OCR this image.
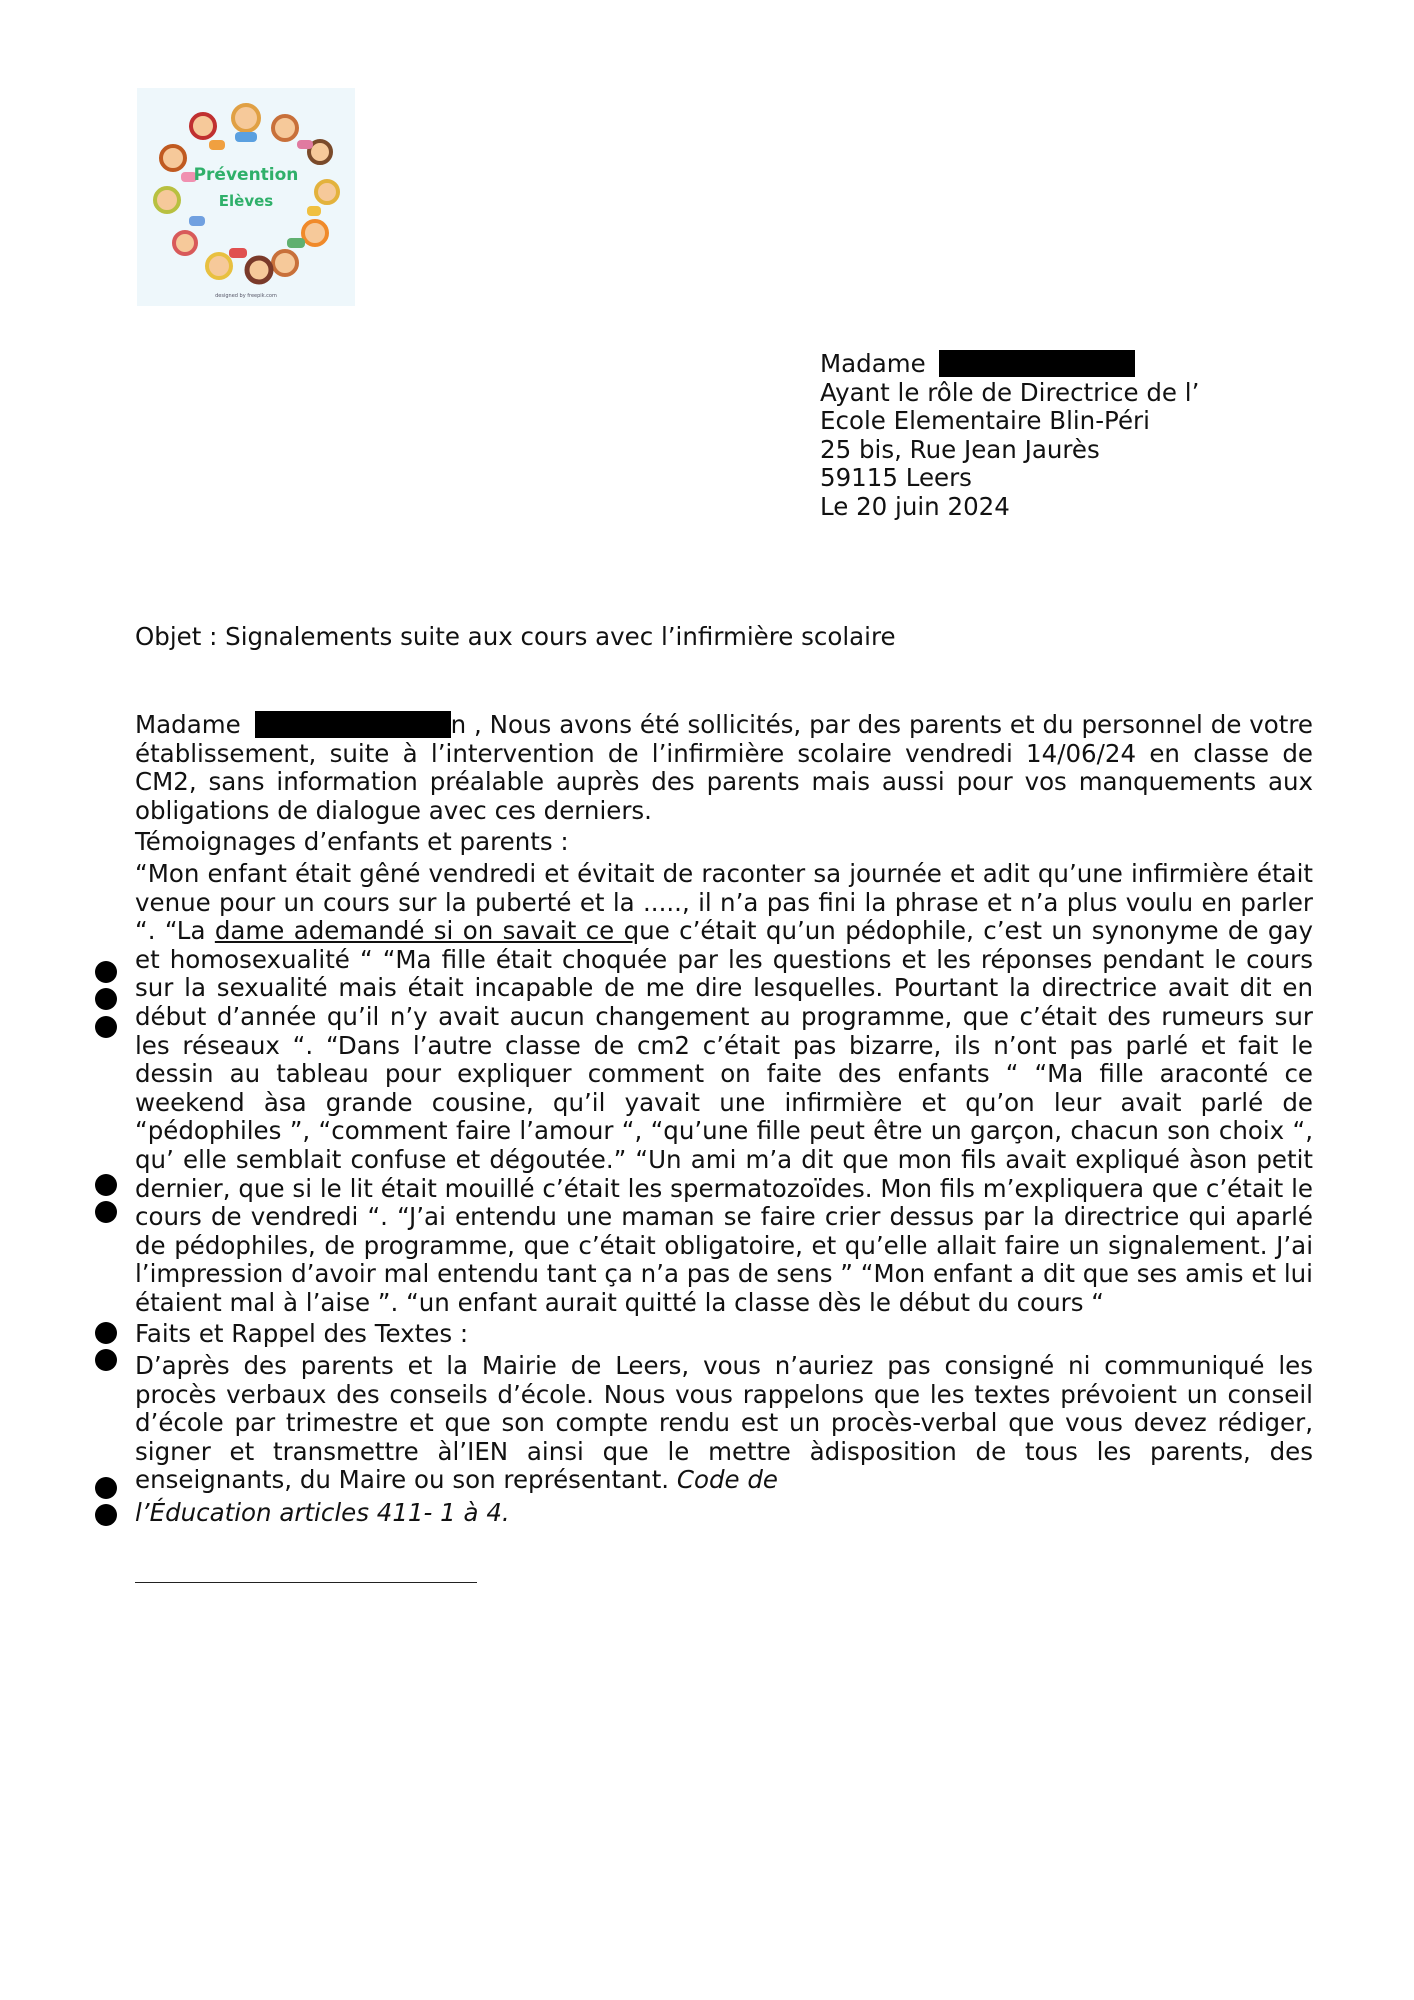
Prévention
Elèves
designed by freepik.com
Madame
Ayant le rôle de Directrice de l’
Ecole Elementaire Blin-Péri
25 bis, Rue Jean Jaurès
59115 Leers
Le 20 juin 2024
Objet : Signalements suite aux cours avec l’infirmière scolaire

Madame	n , Nous avons été sollicités, par des parents et du personnel de votre établissement, suite à l’intervention de l’infirmière scolaire vendredi 14/06/24 en classe de CM2, sans information préalable auprès des parents mais aussi pour vos manquements aux obligations de dialogue avec ces derniers.

Témoignages d’enfants et parents :

“Mon enfant était gêné vendredi et évitait de raconter sa journée et adit qu’une infirmière était venue pour un cours sur la puberté et la ....., il n’a pas fini la phrase et n’a plus voulu en parler “. “La dame ademandé si on savait ce que c’était qu’un pédophile, c’est un synonyme de gay et homosexualité “ “Ma fille était choquée par les questions et les réponses pendant le cours sur la sexualité mais était incapable de me dire lesquelles. Pourtant la directrice avait dit en début d’année qu’il n’y avait aucun changement au programme, que c’était des rumeurs sur les réseaux “. “Dans l’autre classe de cm2 c’était pas bizarre, ils n’ont pas parlé et fait le dessin au tableau pour expliquer comment on faite des enfants “ “Ma fille araconté ce weekend àsa grande cousine, qu’il yavait une infirmière et qu’on leur avait parlé de “pédophiles ”, “comment faire l’amour “, “qu’une fille peut être un garçon, chacun son choix “, qu’ elle semblait confuse et dégoutée.” “Un ami m’a dit que mon fils avait expliqué àson petit dernier, que si le lit était mouillé c’était les spermatozoïdes. Mon fils m’expliquera que c’était le cours de vendredi “. “J’ai entendu une maman se faire crier dessus par la directrice qui aparlé de pédophiles, de programme, que c’était obligatoire, et qu’elle allait faire un signalement. J’ai l’impression d’avoir mal entendu tant ça n’a pas de sens ” “Mon enfant a dit que ses amis et lui étaient mal à l’aise ”. “un enfant aurait quitté la classe dès le début du cours “

Faits et Rappel des Textes :

D’après des parents et la Mairie de Leers, vous n’auriez pas consigné ni communiqué les procès verbaux des conseils d’école. Nous vous rappelons que les textes prévoient un conseil d’école par trimestre et que son compte rendu est un procès-verbal que vous devez rédiger, signer et transmettre àl’IEN ainsi que le mettre àdisposition de tous les parents, des enseignants, du Maire ou son représentant. Code de

l’Éducation articles 411- 1 à 4.
